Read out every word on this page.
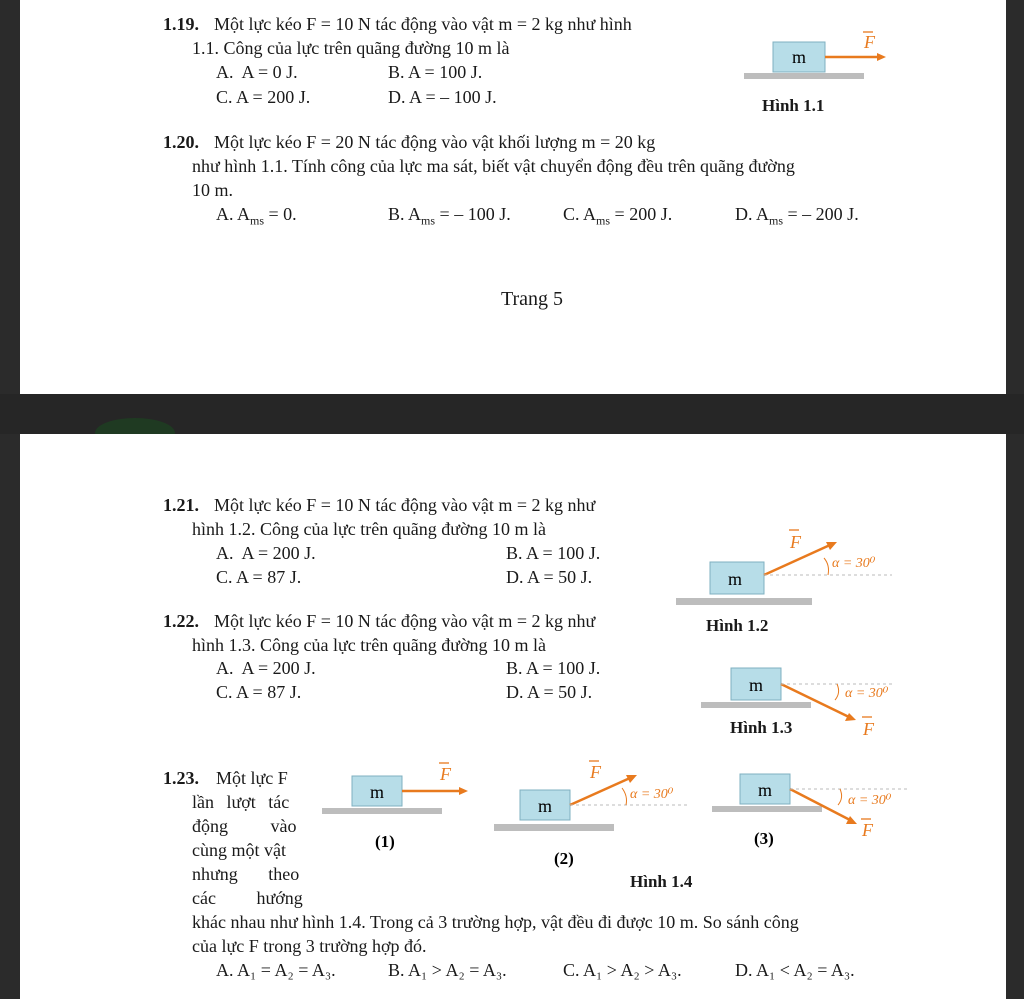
1.19. Một lực kéo F = 10 N tác động vào vật m = 2 kg như hình
1.1. Công của lực trên quãng đường 10 m là
A. A = 0 J.	B. A = 100 J.
C. A = 200 J.	D. A = – 100 J.
m
F
Hình 1.1
1.20. Một lực kéo F = 20 N tác động vào vật khối lượng m = 20 kg
như hình 1.1. Tính công của lực ma sát, biết vật chuyển động đều trên quãng đường
10 m.
A. $A_{ms} = 0$.	B. $A_{ms}$ = – 100 J.	C. $A_{ms} = 200$ J.	D. $A_{ms}$ = – 200 J.
Trang 5
1.21. Một lực kéo F = 10 N tác động vào vật m = 2 kg như
hình 1.2. Công của lực trên quãng đường 10 m là
A. A = 200 J.	B. A = 100 J.
C. A = 87 J.	D. A = 50 J.	m
α = 30⁰
F
1.22. Một lực kéo F = 10 N tác động vào vật m = 2 kg như
hình 1.3. Công của lực trên quãng đường 10 m là
A. A = 200 J.	B. A = 100 J.
C. A = 87 J.	D. A = 50 J.
Hình 1.2
m	α = 30⁰
F
Hình 1.3
1.23. Một lực F
lần lượt tác
động vào
cùng một vật
nhưng theo
các hướng
khác nhau như hình 1.4. Trong cả 3 trường hợp, vật đều đi được 10 m. So sánh công
của lực F trong 3 trường hợp đó.
A. A₁ = A₂ = A₃.	B. A₁ > A₂ = A₃.	C. A₁ > A₂ > A₃.	D. A₁ < A₂ = A₃.
m
F
(1)
m
α = 30⁰
F
(2)
m
α = 30⁰
F
(3)
Hình 1.4
